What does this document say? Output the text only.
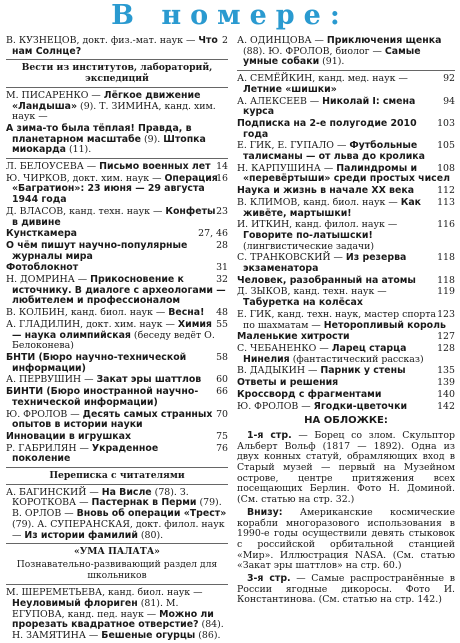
В номере:
2
В. КУЗНЕЦОВ, докт. физ.-мат. наук — Что нам Солнце?
Вести из институтов, лабораторий, экспедиций
М. ПИСАРЕНКО — Лёгкое движение «Ландыша» (9). Т. ЗИМИНА, канд. хим. наук —
А зима-то была тёплая! Правда, в планетарном масштабе (9). Штопка миокарда (11).
14
Л. БЕЛОУСЕВА — Письмо военных лет
16
Ю. ЧИРКОВ, докт. хим. наук — Операция «Багратион»: 23 июня — 29 августа 1944 года
23
Д. ВЛАСОВ, канд. техн. наук — Конфеты в дивине
27, 46
Кунсткамера
28
О чём пишут научно-популярные журналы мира
31
Фотоблокнот
32
Н. ДОМРИНА — Прикосновение к источнику. В диалоге с археологами — любителем и профессионалом
48
В. КОЛБИН, канд. биол. наук — Весна!
55
А. ГЛАДИЛИН, докт. хим. наук — Химия — наука олимпийская (беседу ведёт О. Белоконева)
58
БНТИ (Бюро научно-технической информации)
60
А. ПЕРВУШИН — Закат эры шаттлов
66
БИНТИ (Бюро иностранной научно-технической информации)
70
Ю. ФРОЛОВ — Десять самых странных опытов в истории науки
75
Инновации в игрушках
76
Р. ГАБРИЛЯН — Украденное поколение
Переписка с читателями
А. БАГИНСКИЙ — На Висле (78). З. КОРОТКОВА — Пастернак в Перми (79). В. ОРЛОВ — Вновь об операции «Трест» (79). А. СУПЕРАНСКАЯ, докт. филол. наук — Из истории фамилий (80).
«УМА ПАЛАТА»
Познавательно-развивающий раздел для школьников
М. ШЕРЕМЕТЬЕВА, канд. биол. наук — Неуловимый флориген (81). М. ЕГУПОВА, канд. пед. наук — Можно ли прорезать квадратное отверстие? (84). Н. ЗАМЯТИНА — Бешеные огурцы (86).
А. ОДИНЦОВА — Приключения щенка (88). Ю. ФРОЛОВ, биолог — Самые умные собаки (91).
92
А. СЕМЁЙКИН, канд. мед. наук — Летние «шишки»
94
А. АЛЕКСЕЕВ — Николай I: смена курса
103
Подписка на 2-е полугодие 2010 года
105
Е. ГИК, Е. ГУПАЛО — Футбольные талисманы — от льва до кролика
108
Н. КАРПУШИНА — Палиндромы и «перевёртыши» среди простых чисел
112
Наука и жизнь в начале ХХ века
113
В. КЛИМОВ, канд. биол. наук — Как живёте, мартышки!
116
И. ИТКИН, канд. филол. наук — Говорите по-латышски! (лингвистические задачи)
118
С. ТРАНКОВСКИЙ — Из резерва экзаменатора
118
Человек, разобранный на атомы
119
Д. ЗЫКОВ, канд. техн. наук — Табуретка на колёсах
123
Е. ГИК, канд. техн. наук, мастер спорта по шахматам — Неторопливый король
127
Маленькие хитрости
128
С. ЧЕБАНЕНКО — Ларец старца Нинелия (фантастический рассказ)
135
В. ДАДЫКИН — Парник у стены
139
Ответы и решения
140
Кроссворд с фрагментами
142
Ю. ФРОЛОВ — Ягодки-цветочки
НА ОБЛОЖКЕ:
1-я стр. — Борец со злом. Скульптор Альберт Вольф (1817 — 1892). Одна из двух конных статуй, обрамляющих вход в Старый музей — первый на Музейном острове, центре притяжения всех посещающих Берлин. Фото Н. Доминой. (См. статью на стр. 32.)
Внизу: Американские космические корабли многоразового использования в 1990-е годы осуществили девять стыковок с российской орбитальной станцией «Мир». Иллюстрация NASA. (См. статью «Закат эры шаттлов» на стр. 60.)
3-я стр. — Самые распространённые в России ягодные дикоросы. Фото И. Константинова. (См. статью на стр. 142.)
